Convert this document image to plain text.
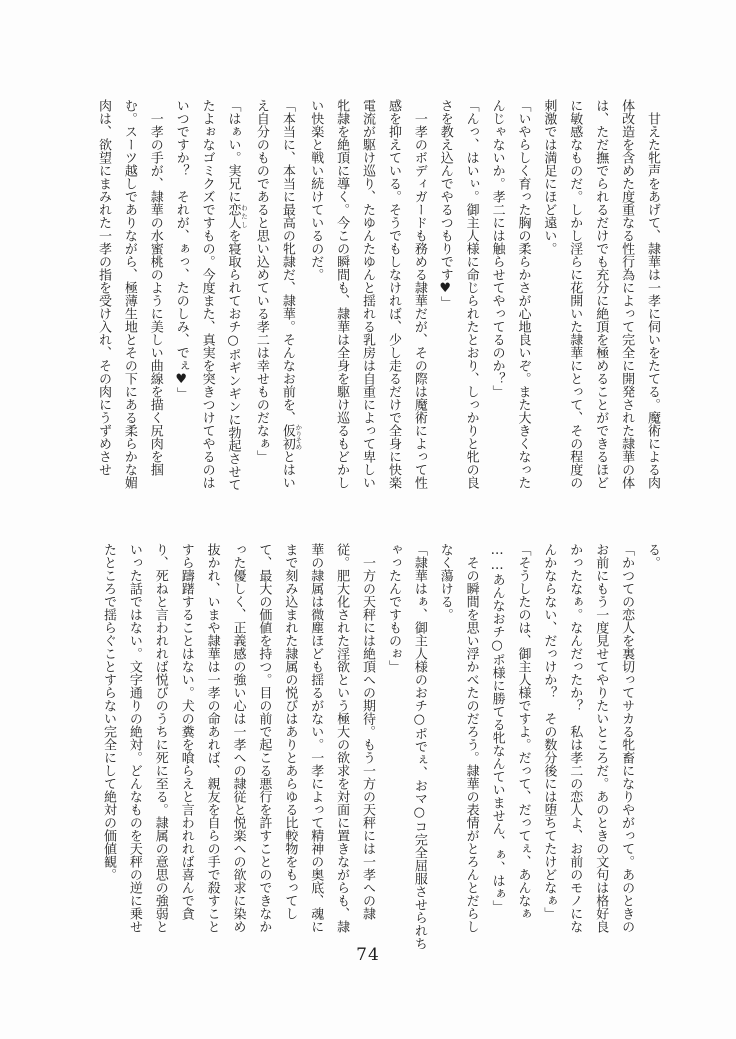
甘えた牝声をあげて、隷華は一孝に伺いをたてる。魔術による肉
体改造を含めた度重なる性行為によって完全に開発された隷華の体
は、ただ撫でられるだけでも充分に絶頂を極めることができるほど
に敏感なものだ。しかし淫らに花開いた隷華にとって、その程度の
刺激では満足にほど遠い。
「いやらしく育った胸の柔らかさが心地良いぞ。また大きくなった
んじゃないか。孝二には触らせてやってるのか？」
「んっ、はいぃ。御主人様に命じられたとおり、しっかりと牝の良
さを教え込んでやるつもりです♥」
一孝のボディガードも務める隷華だが、その際は魔術によって性
感を抑えている。そうでもしなければ、少し走るだけで全身に快楽
電流が駆け巡り、たゆんたゆんと揺れる乳房は自重によって卑しい
牝隷を絶頂に導く。今この瞬間も、隷華は全身を駆け巡るもどかし
い快楽と戦い続けているのだ。
「本当に、本当に最高の牝隷だ、隷華。そんなお前を、仮初 かりそめとはい
え自分のものであると思い込めている孝二は幸せものだなぁ」
「はぁい。実兄に恋人 わたしを寝取られておチ○ポギンギンに勃起させて
たよぉなゴミクズですもの。今度また、真実を突きつけてやるのは
いつですか？　それが、ぁっ、たのしみ、でぇ♥」
一孝の手が、隷華の水蜜桃のように美しい曲線を描く尻肉を掴
む。スーツ越しでありながら、極薄生地とその下にある柔らかな媚
肉は、欲望にまみれた一孝の指を受け入れ、その肉にうずめさせ
る。
「かつての恋人を裏切ってサカる牝畜になりやがって。あのときの
お前にもう一度見せてやりたいところだ。あのときの文句は格好良
かったなぁ。なんだったか？　私は孝二の恋人よ、お前のモノにな
んかならない、だっけか？　その数分後には堕ちてたけどなぁ」
「そうしたのは、御主人様ですよ。だって、だってぇ、あんなぁ
……あんなおチ○ポ様に勝てる牝なんていません、ぁ、はぁ」
その瞬間を思い浮かべたのだろう。隷華の表情がとろんとだらし
なく蕩ける。
「隷華はぁ、御主人様のおチ○ポでぇ、おマ○コ完全屈服させられち
ゃったんですものぉ」
一方の天秤には絶頂への期待。もう一方の天秤には一孝への隷
従。肥大化された淫欲という極大の欲求を対面に置きながらも、隷
華の隷属は微塵ほども揺るがない。一孝によって精神の奥底、魂に
まで刻み込まれた隷属の悦びはありとあらゆる比較物をもってし
て、最大の価値を持つ。目の前で起こる悪行を許すことのできなか
った優しく、正義感の強い心は一孝への隷従と悦楽への欲求に染め
抜かれ、いまや隷華は一孝の命あれば、親友を自らの手で殺すこと
すら躊躇することはない。犬の糞を喰らえと言われれば喜んで貪
り、死ねと言われれば悦びのうちに死に至る。隷属の意思の強弱と
いった話ではない。文字通りの絶対。どんなものを天秤の逆に乗せ
たところで揺らぐことすらない完全にして絶対の価値観。
74
